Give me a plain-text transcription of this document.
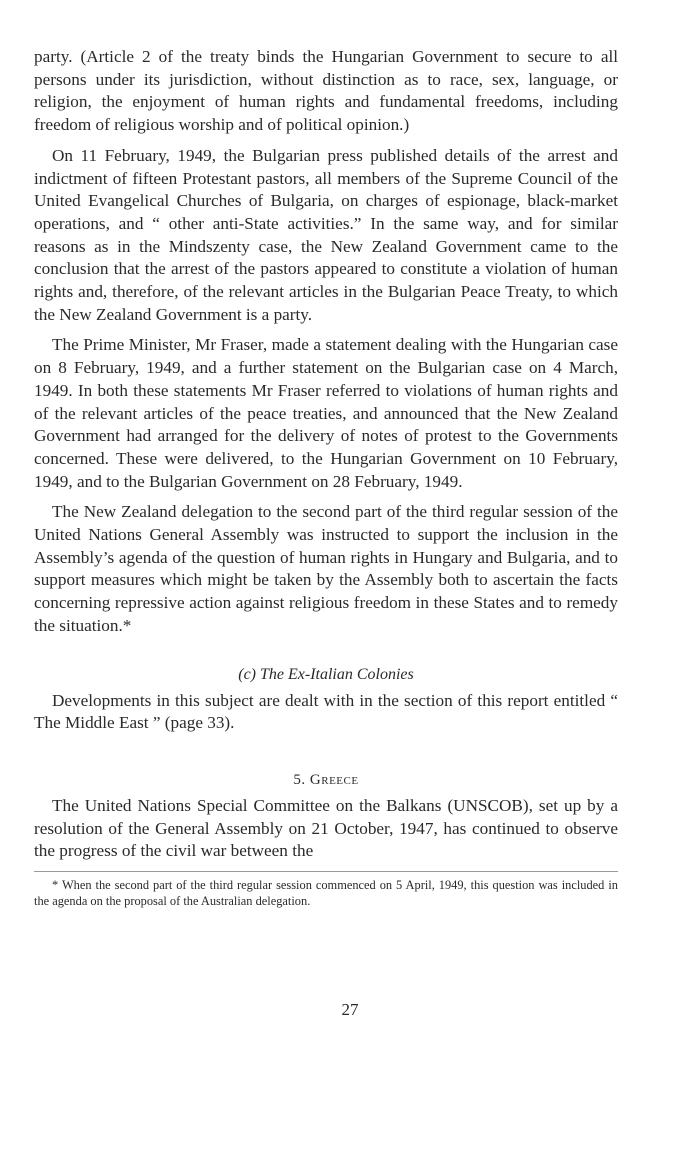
party. (Article 2 of the treaty binds the Hungarian Government to secure to all persons under its jurisdiction, without distinction as to race, sex, language, or religion, the enjoyment of human rights and fundamental freedoms, including freedom of religious worship and of political opinion.)

On 11 February, 1949, the Bulgarian press published details of the arrest and indictment of fifteen Protestant pastors, all members of the Supreme Council of the United Evangelical Churches of Bulgaria, on charges of espionage, black-market operations, and “ other anti-State activities.” In the same way, and for similar reasons as in the Mindszenty case, the New Zealand Government came to the conclusion that the arrest of the pastors appeared to constitute a violation of human rights and, therefore, of the relevant articles in the Bulgarian Peace Treaty, to which the New Zealand Government is a party.

The Prime Minister, Mr Fraser, made a statement dealing with the Hungarian case on 8 February, 1949, and a further statement on the Bulgarian case on 4 March, 1949. In both these statements Mr Fraser referred to violations of human rights and of the relevant articles of the peace treaties, and announced that the New Zealand Government had arranged for the delivery of notes of protest to the Governments concerned. These were delivered, to the Hungarian Government on 10 February, 1949, and to the Bulgarian Government on 28 February, 1949.

The New Zealand delegation to the second part of the third regular session of the United Nations General Assembly was instructed to support the inclusion in the Assembly’s agenda of the question of human rights in Hungary and Bulgaria, and to support measures which might be taken by the Assembly both to ascertain the facts concerning repressive action against religious freedom in these States and to remedy the situation.*

(c) The Ex-Italian Colonies

Developments in this subject are dealt with in the section of this report entitled “ The Middle East ” (page 33).

5. Greece

The United Nations Special Committee on the Balkans (UNSCOB), set up by a resolution of the General Assembly on 21 October, 1947, has continued to observe the progress of the civil war between the

* When the second part of the third regular session commenced on 5 April, 1949, this question was included in the agenda on the proposal of the Australian delegation.

27
